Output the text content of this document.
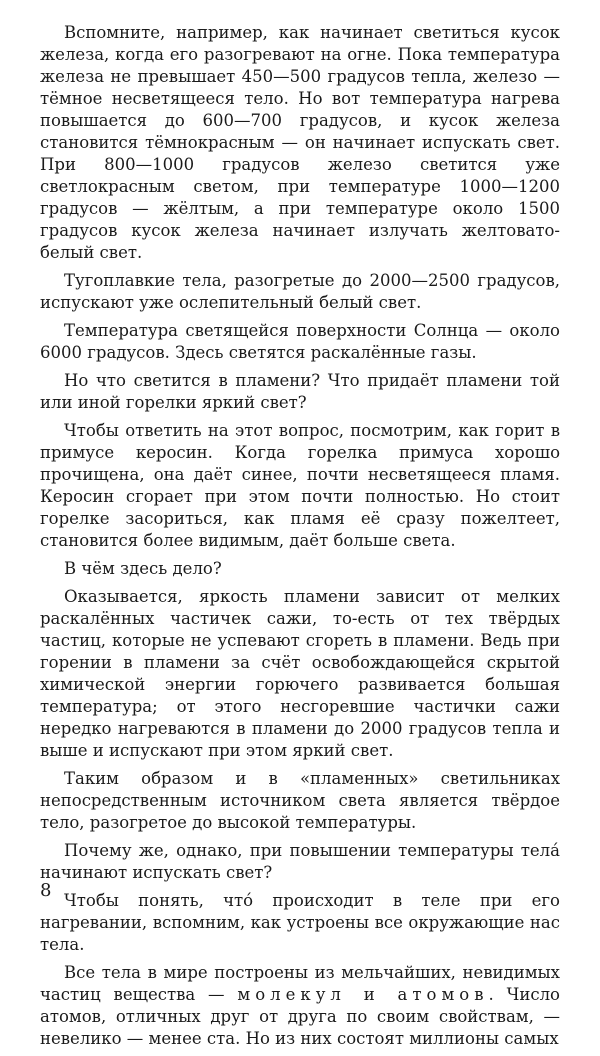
Вспомните, например, как начинает светиться кусок железа, когда его разогревают на огне. Пока температура железа не превышает 450—500 градусов тепла, железо — тёмное несветящееся тело. Но вот температура нагрева повышается до 600—700 градусов, и кусок железа становится тёмнокрасным — он начинает испускать свет. При 800—1000 градусов железо светится уже светлокрасным светом, при температуре 1000—1200 градусов — жёлтым, а при температуре около 1500 градусов кусок железа начинает излучать желтовато-белый свет.

Тугоплавкие тела, разогретые до 2000—2500 градусов, испускают уже ослепительный белый свет.

Температура светящейся поверхности Солнца — около 6000 градусов. Здесь светятся раскалённые газы.

Но что светится в пламени? Что придаёт пламени той или иной горелки яркий свет?

Чтобы ответить на этот вопрос, посмотрим, как горит в примусе керосин. Когда горелка примуса хорошо прочищена, она даёт синее, почти несветящееся пламя. Керосин сгорает при этом почти полностью. Но стоит горелке засориться, как пламя её сразу пожелтеет, становится более видимым, даёт больше света.

В чём здесь дело?

Оказывается, яркость пламени зависит от мелких раскалённых частичек сажи, то-есть от тех твёрдых частиц, которые не успевают сгореть в пламени. Ведь при горении в пламени за счёт освобождающейся скрытой химической энергии горючего развивается большая температура; от этого несгоревшие частички сажи нередко нагреваются в пламени до 2000 градусов тепла и выше и испускают при этом яркий свет.

Таким образом и в «пламенных» светильниках непосредственным источником света является твёрдое тело, разогретое до высокой температуры.

Почему же, однако, при повышении температуры тела́ начинают испускать свет?

Чтобы понять, что́ происходит в теле при его нагревании, вспомним, как устроены все окружающие нас тела.

Все тела в мире построены из мельчайших, невидимых частиц вещества — молекул и атомов. Число атомов, отличных друг от друга по своим свойствам, — невелико — менее ста. Но из них состоят миллионы самых

8
